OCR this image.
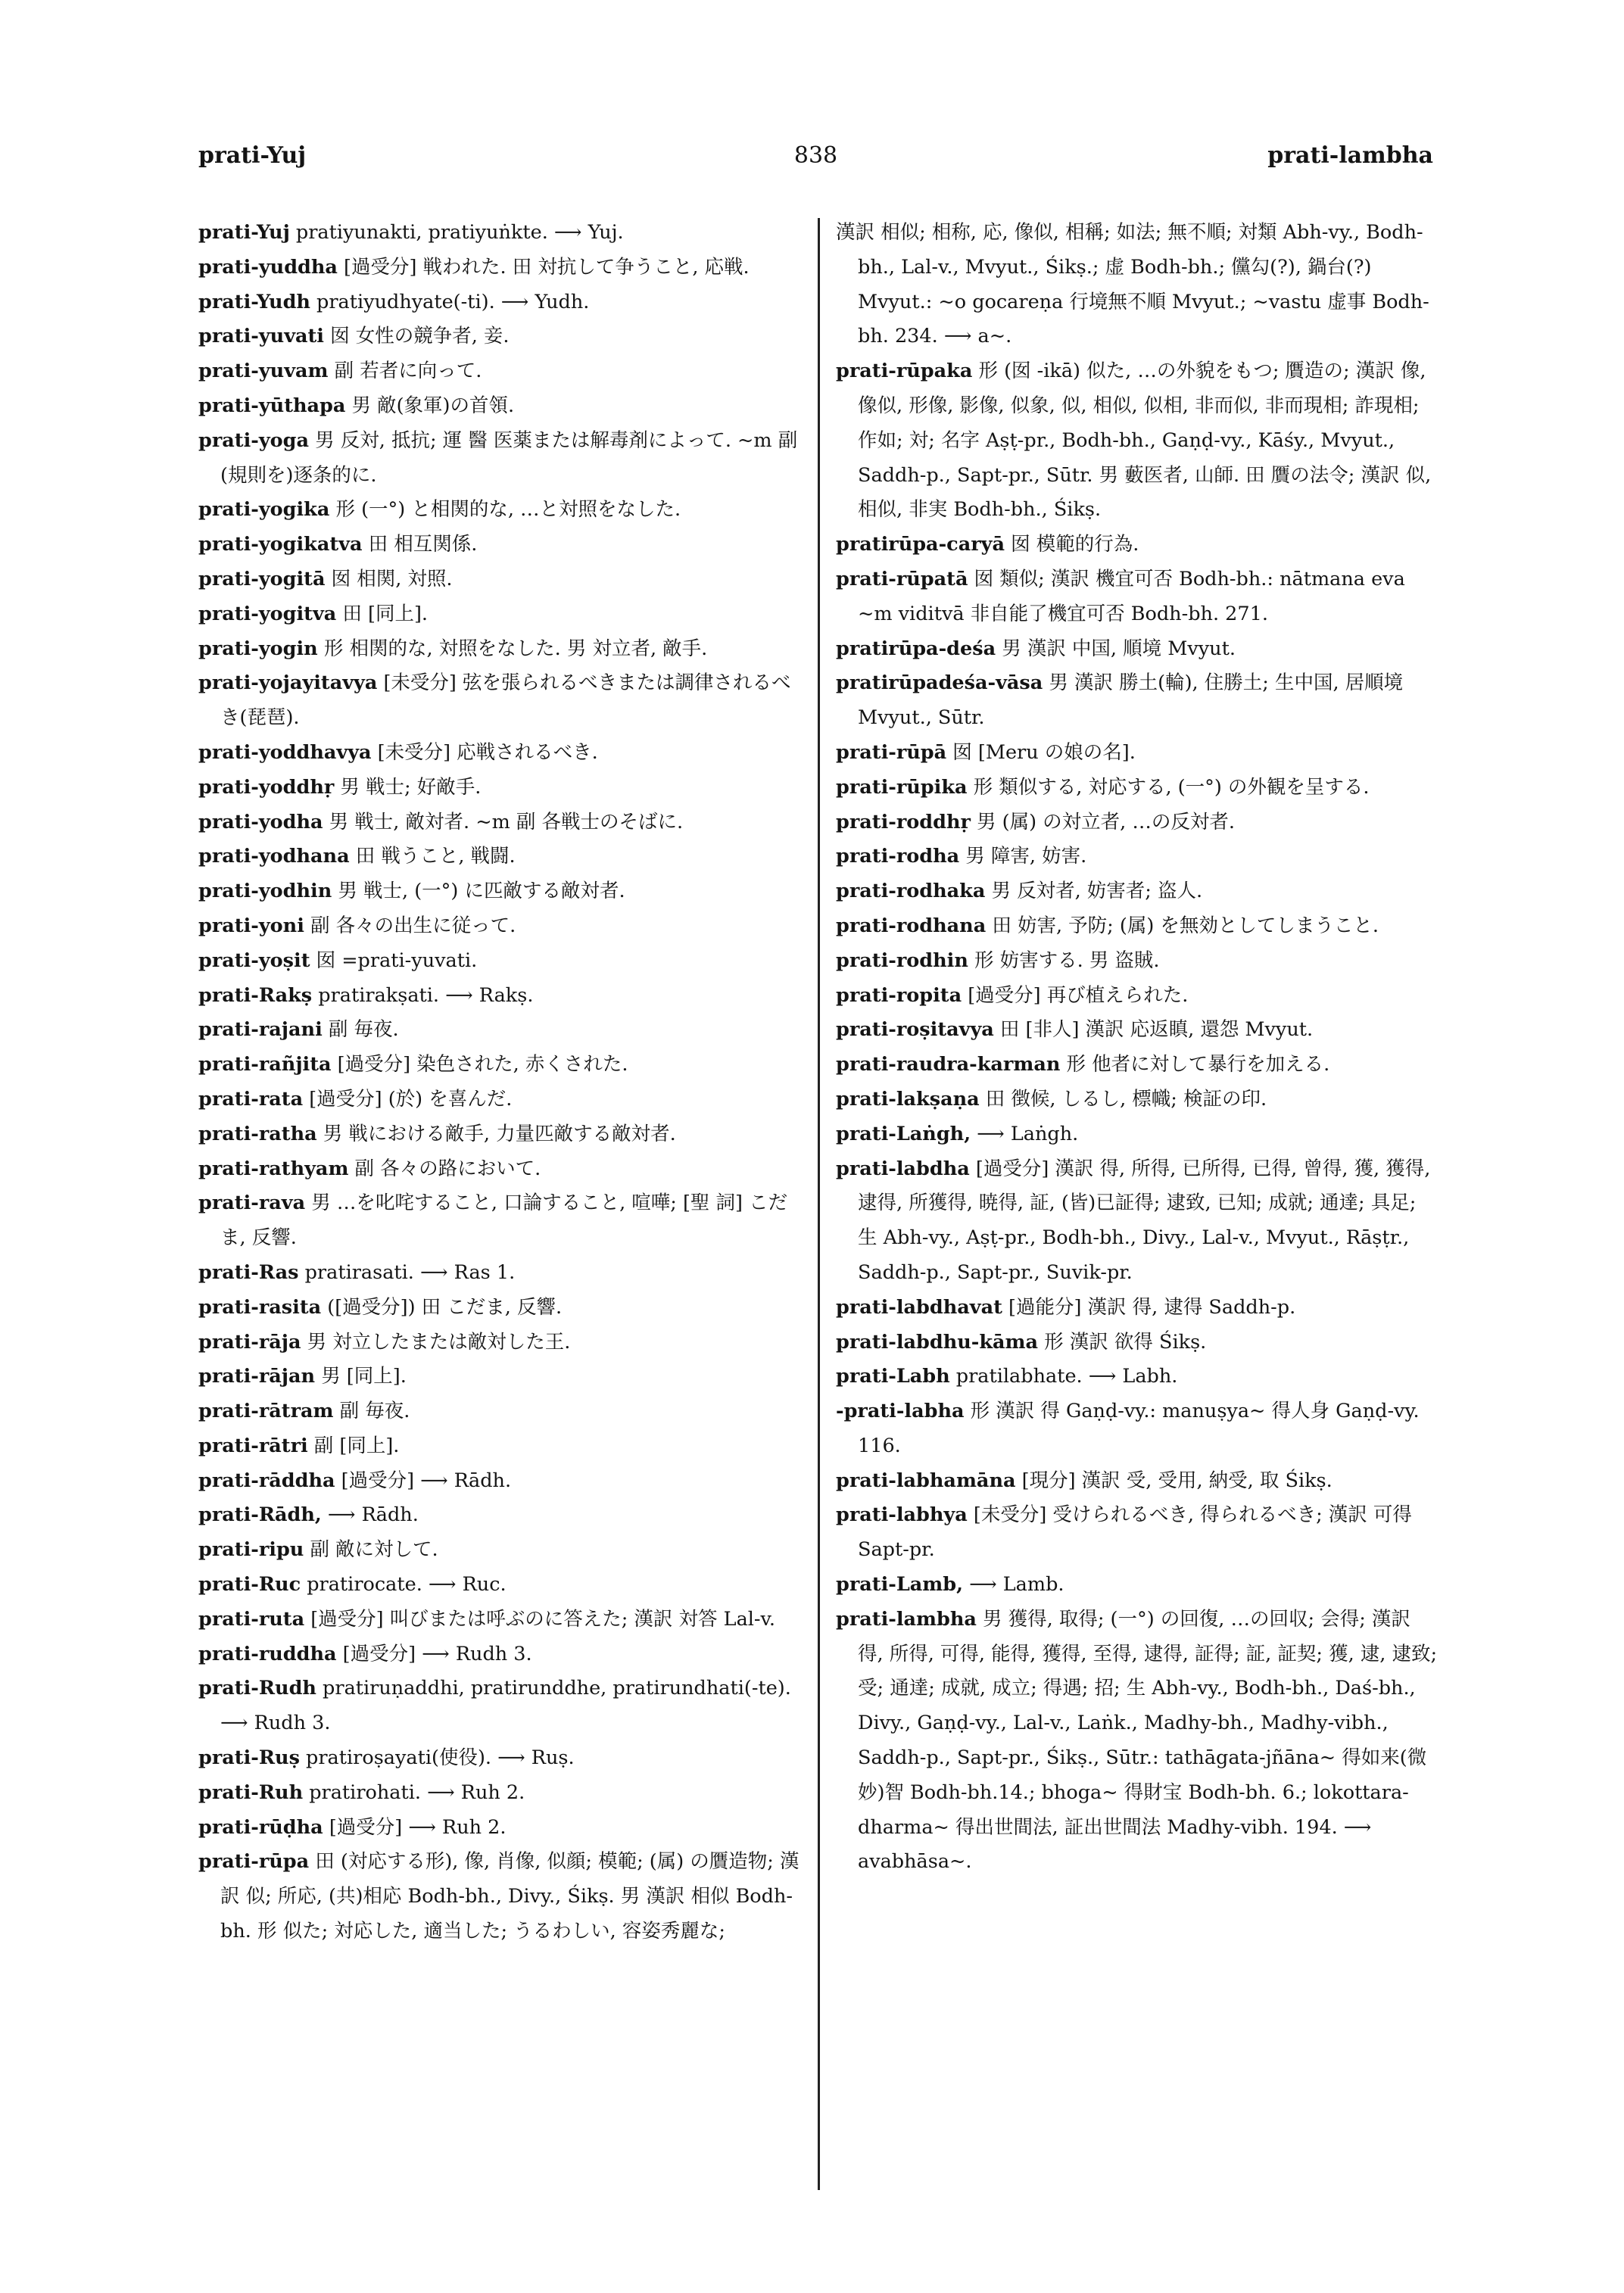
prati-Yuj	838	prati-lambha

prati-Yuj pratiyunakti, pratiyuṅkte. ⟶ Yuj.

prati-yuddha [過受分] 戦われた. 田 対抗して争うこと, 応戦.

prati-Yudh pratiyudhyate(-ti). ⟶ Yudh.

prati-yuvati 囡 女性の競争者, 妾.

prati-yuvam 副 若者に向って.

prati-yūthapa 男 敵(象軍)の首領.

prati-yoga 男 反対, 抵抗; 運 醫 医薬または解毒剤によって. ~m 副 (規則を)逐条的に.

prati-yogika 形 (一°) と相関的な, …と対照をなした.

prati-yogikatva 田 相互関係.

prati-yogitā 囡 相関, 対照.

prati-yogitva 田 [同上].

prati-yogin 形 相関的な, 対照をなした. 男 対立者, 敵手.

prati-yojayitavya [未受分] 弦を張られるべきまたは調律されるべき(琵琶).

prati-yoddhavya [未受分] 応戦されるべき.

prati-yoddhṛ 男 戦士; 好敵手.

prati-yodha 男 戦士, 敵対者. ~m 副 各戦士のそばに.

prati-yodhana 田 戦うこと, 戦闘.

prati-yodhin 男 戦士, (一°) に匹敵する敵対者.

prati-yoni 副 各々の出生に従って.

prati-yoṣit 囡 =prati-yuvati.

prati-Rakṣ pratirakṣati. ⟶ Rakṣ.

prati-rajani 副 毎夜.

prati-rañjita [過受分] 染色された, 赤くされた.

prati-rata [過受分] (於) を喜んだ.

prati-ratha 男 戦における敵手, 力量匹敵する敵対者.

prati-rathyam 副 各々の路において.

prati-rava 男 …を叱咤すること, 口論すること, 喧嘩; [聖 詞] こだま, 反響.

prati-Ras pratirasati. ⟶ Ras 1.

prati-rasita ([過受分]) 田 こだま, 反響.

prati-rāja 男 対立したまたは敵対した王.

prati-rājan 男 [同上].

prati-rātram 副 毎夜.

prati-rātri 副 [同上].

prati-rāddha [過受分] ⟶ Rādh.

prati-Rādh, ⟶ Rādh.

prati-ripu 副 敵に対して.

prati-Ruc pratirocate. ⟶ Ruc.

prati-ruta [過受分] 叫びまたは呼ぶのに答えた; 漢訳 対答 Lal-v.

prati-ruddha [過受分] ⟶ Rudh 3.

prati-Rudh pratiruṇaddhi, pratirunddhe, pratirundhati(-te). ⟶ Rudh 3.

prati-Ruṣ pratiroṣayati(使役). ⟶ Ruṣ.

prati-Ruh pratirohati. ⟶ Ruh 2.

prati-rūḍha [過受分] ⟶ Ruh 2.

prati-rūpa 田 (対応する形), 像, 肖像, 似顔; 模範; (属) の贋造物; 漢訳 似; 所応, (共)相応 Bodh-bh., Divy., Śikṣ. 男 漢訳 相似 Bodh-bh. 形 似た; 対応した, 適当した; うるわしい, 容姿秀麗な;

漢訳 相似; 相称, 応, 像似, 相稱; 如法; 無不順; 対類 Abh-vy., Bodh-bh., Lal-v., Mvyut., Śikṣ.; 虚 Bodh-bh.; 儻勾(?), 鍋台(?) Mvyut.: ~o gocareṇa 行境無不順 Mvyut.; ~vastu 虚事 Bodh-bh. 234. ⟶ a~.

prati-rūpaka 形 (囡 -ikā) 似た, …の外貌をもつ; 贋造の; 漢訳 像, 像似, 形像, 影像, 似象, 似, 相似, 似相, 非而似, 非而現相; 詐現相; 作如; 対; 名字 Aṣṭ-pr., Bodh-bh., Gaṇḍ-vy., Kāśy., Mvyut., Saddh-p., Sapt-pr., Sūtr. 男 藪医者, 山師. 田 贋の法令; 漢訳 似, 相似, 非実 Bodh-bh., Śikṣ.

pratirūpa-caryā 囡 模範的行為.

prati-rūpatā 囡 類似; 漢訳 機宜可否 Bodh-bh.: nātmana eva ~m viditvā 非自能了機宜可否 Bodh-bh. 271.

pratirūpa-deśa 男 漢訳 中国, 順境 Mvyut.

pratirūpadeśa-vāsa 男 漢訳 勝土(輪), 住勝土; 生中国, 居順境 Mvyut., Sūtr.

prati-rūpā 囡 [Meru の娘の名].

prati-rūpika 形 類似する, 対応する, (一°) の外観を呈する.

prati-roddhṛ 男 (属) の対立者, …の反対者.

prati-rodha 男 障害, 妨害.

prati-rodhaka 男 反対者, 妨害者; 盗人.

prati-rodhana 田 妨害, 予防; (属) を無効としてしまうこと.

prati-rodhin 形 妨害する. 男 盗賊.

prati-ropita [過受分] 再び植えられた.

prati-roṣitavya 田 [非人] 漢訳 応返瞋, 還怨 Mvyut.

prati-raudra-karman 形 他者に対して暴行を加える.

prati-lakṣaṇa 田 徴候, しるし, 標幟; 検証の印.

prati-Laṅgh, ⟶ Laṅgh.

prati-labdha [過受分] 漢訳 得, 所得, 已所得, 已得, 曾得, 獲, 獲得, 逮得, 所獲得, 暁得, 証, (皆)已証得; 逮致, 已知; 成就; 通達; 具足; 生 Abh-vy., Aṣṭ-pr., Bodh-bh., Divy., Lal-v., Mvyut., Rāṣṭr., Saddh-p., Sapt-pr., Suvik-pr.

prati-labdhavat [過能分] 漢訳 得, 逮得 Saddh-p.

prati-labdhu-kāma 形 漢訳 欲得 Śikṣ.

prati-Labh pratilabhate. ⟶ Labh.

-prati-labha 形 漢訳 得 Gaṇḍ-vy.: manuṣya~ 得人身 Gaṇḍ-vy. 116.

prati-labhamāna [現分] 漢訳 受, 受用, 納受, 取 Śikṣ.

prati-labhya [未受分] 受けられるべき, 得られるべき; 漢訳 可得 Sapt-pr.

prati-Lamb, ⟶ Lamb.

prati-lambha 男 獲得, 取得; (一°) の回復, …の回収; 会得; 漢訳 得, 所得, 可得, 能得, 獲得, 至得, 逮得, 証得; 証, 証契; 獲, 逮, 逮致; 受; 通達; 成就, 成立; 得遇; 招; 生 Abh-vy., Bodh-bh., Daś-bh., Divy., Gaṇḍ-vy., Lal-v., Laṅk., Madhy-bh., Madhy-vibh., Saddh-p., Sapt-pr., Śikṣ., Sūtr.: tathāgata-jñāna~ 得如来(微妙)智 Bodh-bh.14.; bhoga~ 得財宝 Bodh-bh. 6.; lokottara-dharma~ 得出世間法, 証出世間法 Madhy-vibh. 194. ⟶ avabhāsa~.
